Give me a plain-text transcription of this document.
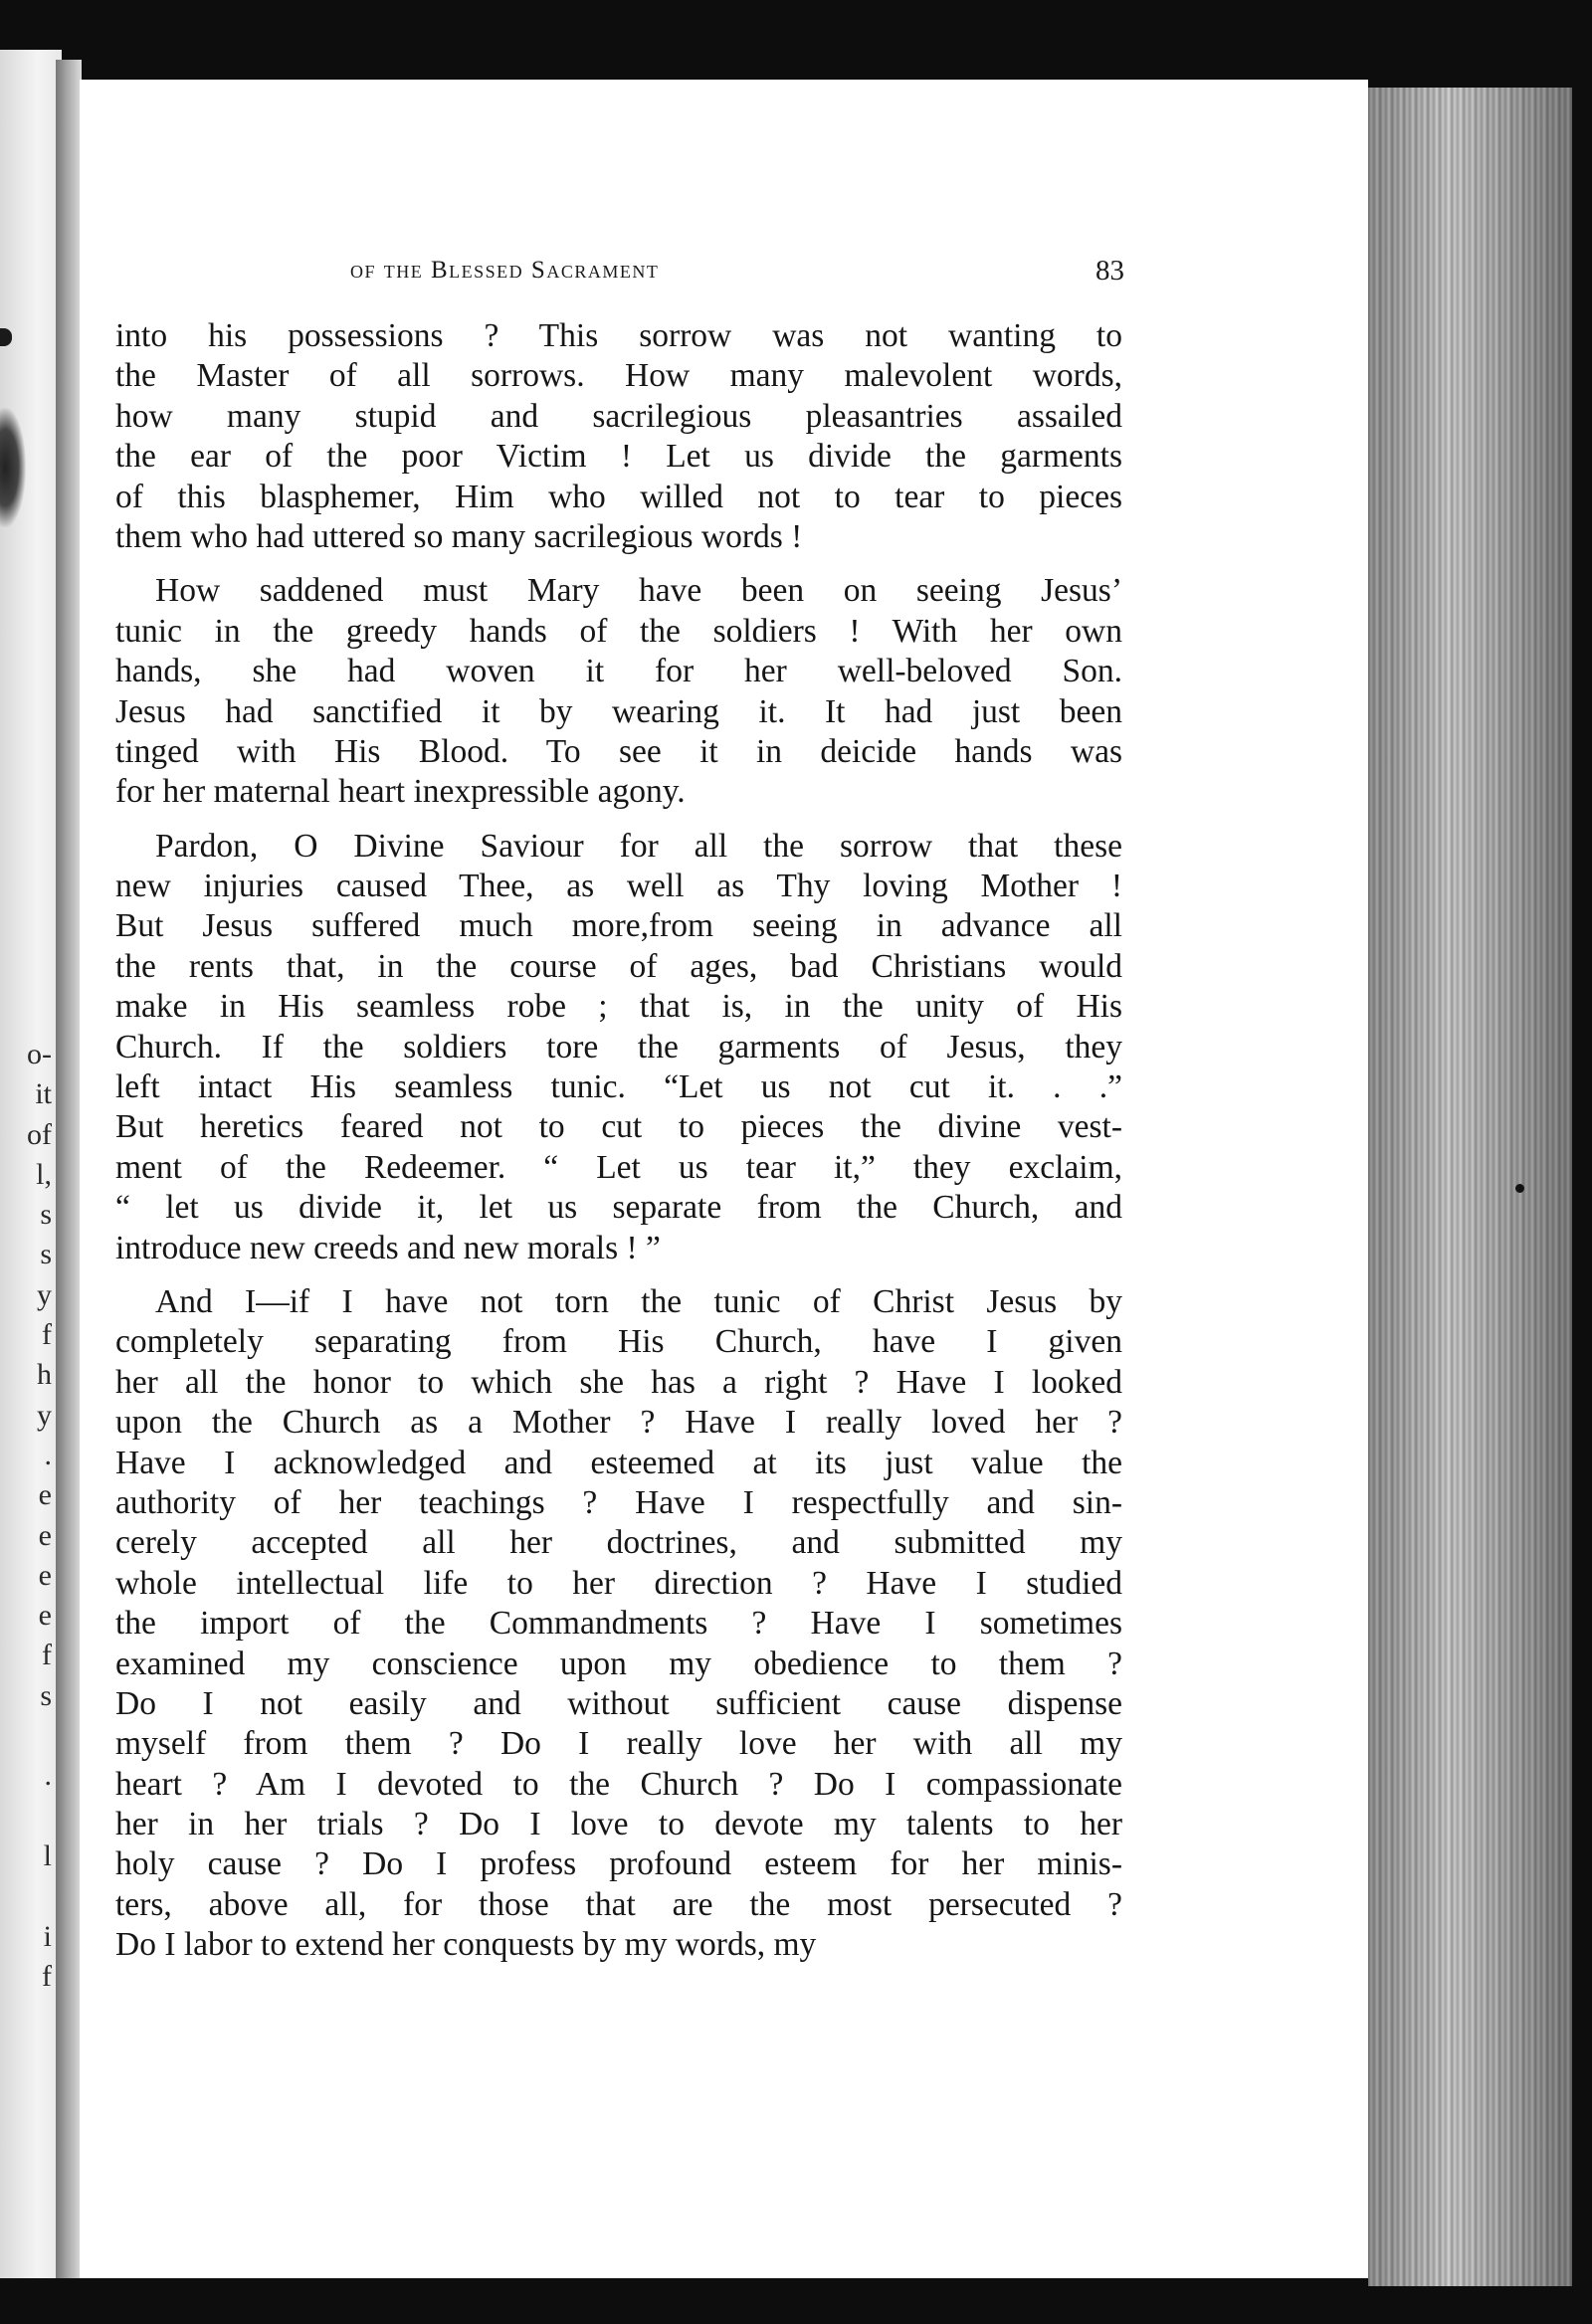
o-
it
of
l,
s
s
y
f
h
y
.
e
e
e
e
f
s
.
l
i
f
of the Blessed Sacrament	83
into his possessions ? This sorrow was not wanting to
the Master of all sorrows. How many malevolent words,
how many stupid and sacrilegious pleasantries assailed
the ear of the poor Victim ! Let us divide the garments
of this blasphemer, Him who willed not to tear to pieces
them who had uttered so many sacrilegious words !
How saddened must Mary have been on seeing Jesus’
tunic in the greedy hands of the soldiers ! With her own
hands, she had woven it for her well-beloved Son.
Jesus had sanctified it by wearing it. It had just been
tinged with His Blood. To see it in deicide hands was
for her maternal heart inexpressible agony.
Pardon, O Divine Saviour for all the sorrow that these
new injuries caused Thee, as well as Thy loving Mother !
But Jesus suffered much more,from seeing in advance all
the rents that, in the course of ages, bad Christians would
make in His seamless robe ; that is, in the unity of His
Church. If the soldiers tore the garments of Jesus, they
left intact His seamless tunic. “Let us not cut it. . .”
But heretics feared not to cut to pieces the divine vest-
ment of the Redeemer. “ Let us tear it,” they exclaim,
“ let us divide it, let us separate from the Church, and
introduce new creeds and new morals ! ”
And I—if I have not torn the tunic of Christ Jesus by
completely separating from His Church, have I given
her all the honor to which she has a right ? Have I looked
upon the Church as a Mother ? Have I really loved her ?
Have I acknowledged and esteemed at its just value the
authority of her teachings ? Have I respectfully and sin-
cerely accepted all her doctrines, and submitted my
whole intellectual life to her direction ? Have I studied
the import of the Commandments ? Have I sometimes
examined my conscience upon my obedience to them ?
Do I not easily and without sufficient cause dispense
myself from them ? Do I really love her with all my
heart ? Am I devoted to the Church ? Do I compassionate
her in her trials ? Do I love to devote my talents to her
holy cause ? Do I profess profound esteem for her minis-
ters, above all, for those that are the most persecuted ?
Do I labor to extend her conquests by my words, my
